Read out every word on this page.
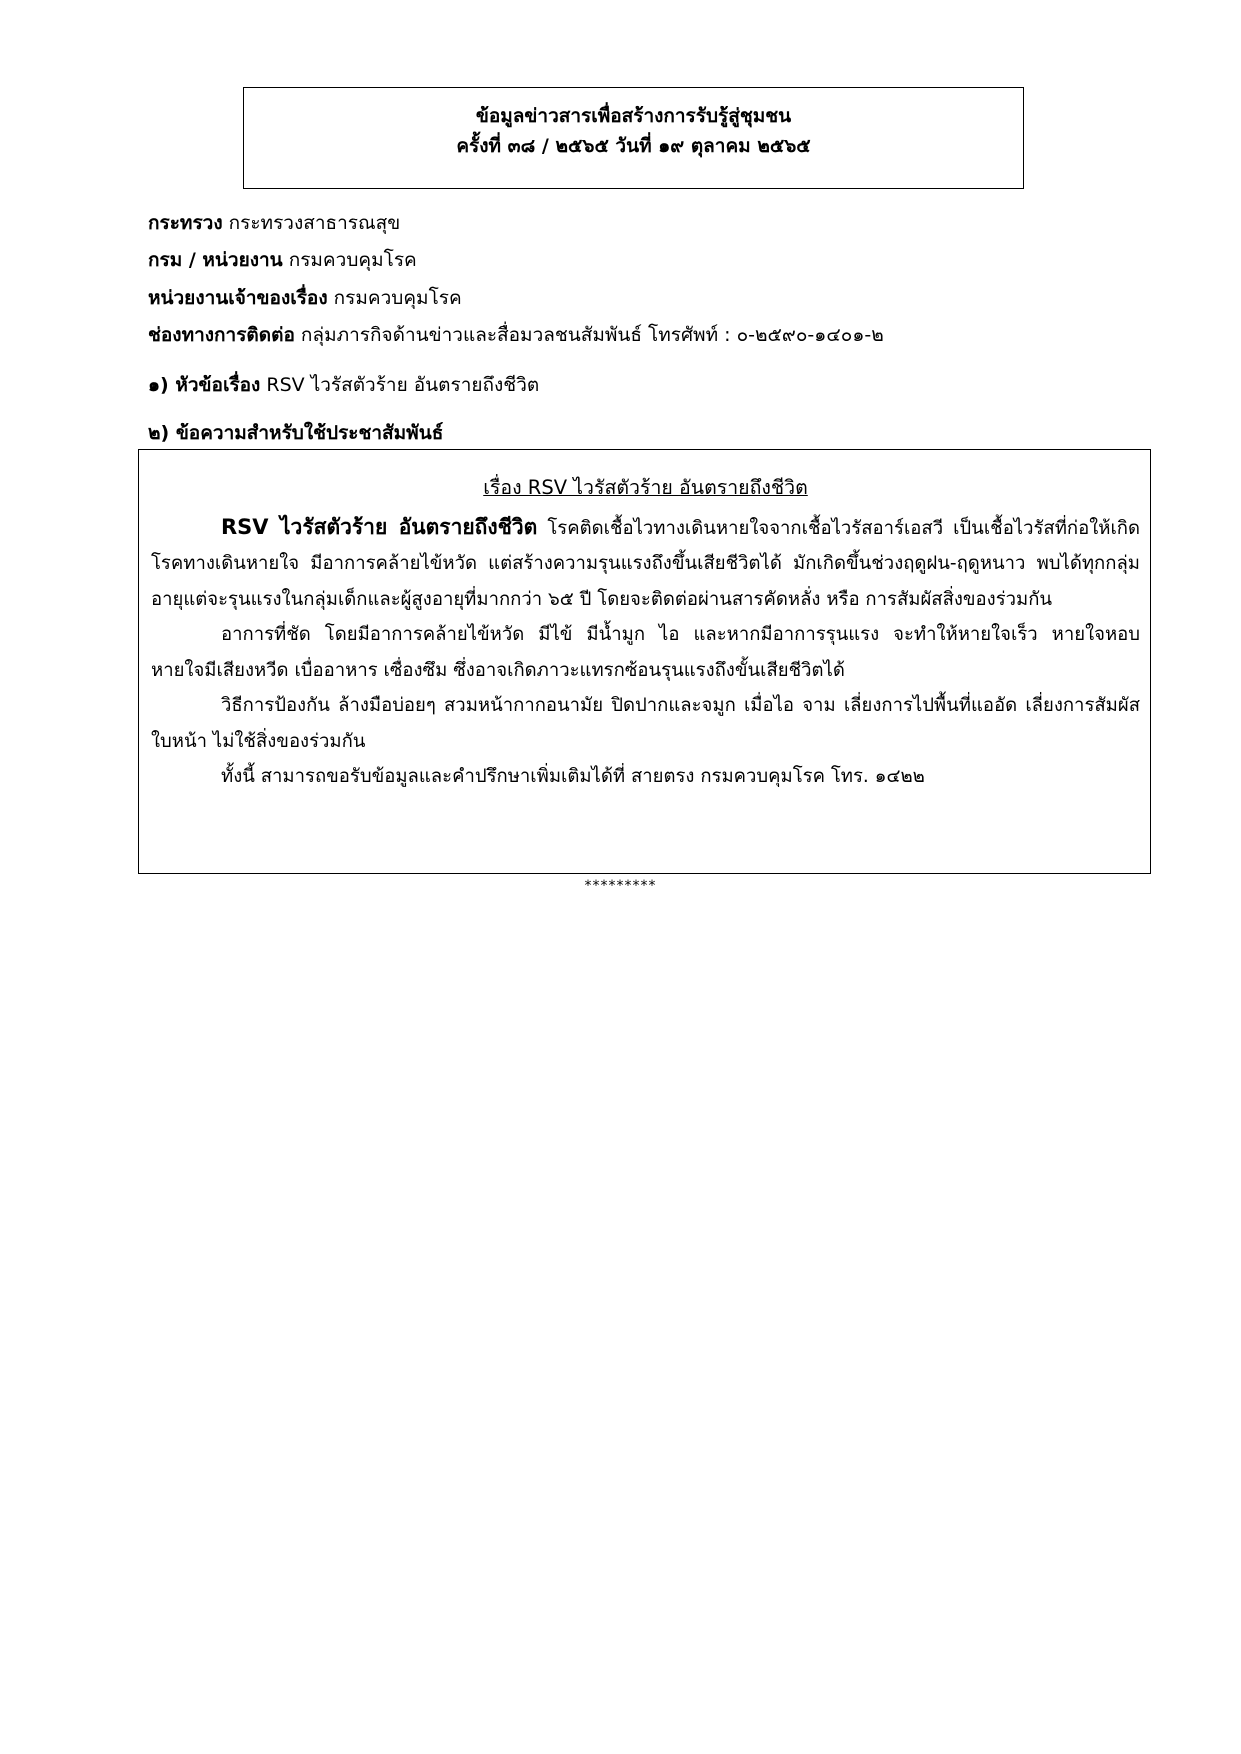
ข้อมูลข่าวสารเพื่อสร้างการรับรู้สู่ชุมชน
ครั้งที่ ๓๘ / ๒๕๖๕ วันที่ ๑๙ ตุลาคม ๒๕๖๕
กระทรวง กระทรวงสาธารณสุข
กรม / หน่วยงาน กรมควบคุมโรค
หน่วยงานเจ้าของเรื่อง กรมควบคุมโรค
ช่องทางการติดต่อ กลุ่มภารกิจด้านข่าวและสื่อมวลชนสัมพันธ์ โทรศัพท์ : ๐-๒๕๙๐-๑๔๐๑-๒
๑) หัวข้อเรื่อง RSV ไวรัสตัวร้าย อันตรายถึงชีวิต
๒) ข้อความสำหรับใช้ประชาสัมพันธ์
เรื่อง RSV ไวรัสตัวร้าย อันตรายถึงชีวิต

RSV ไวรัสตัวร้าย อันตรายถึงชีวิต โรคติดเชื้อไวทางเดินหายใจจากเชื้อไวรัสอาร์เอสวี เป็นเชื้อไวรัสที่ก่อให้เกิดโรคทางเดินหายใจ มีอาการคล้ายไข้หวัด แต่สร้างความรุนแรงถึงขึ้นเสียชีวิตได้ มักเกิดขึ้นช่วงฤดูฝน-ฤดูหนาว พบได้ทุกกลุ่มอายุแต่จะรุนแรงในกลุ่มเด็กและผู้สูงอายุที่มากกว่า ๖๕ ปี โดยจะติดต่อผ่านสารคัดหลั่ง หรือ การสัมผัสสิ่งของร่วมกัน

อาการที่ชัด โดยมีอาการคล้ายไข้หวัด มีไข้ มีน้ำมูก ไอ และหากมีอาการรุนแรง จะทำให้หายใจเร็ว หายใจหอบ หายใจมีเสียงหวีด เบื่ออาหาร เซื่องซึม ซึ่งอาจเกิดภาวะแทรกซ้อนรุนแรงถึงขั้นเสียชีวิตได้

วิธีการป้องกัน ล้างมือบ่อยๆ สวมหน้ากากอนามัย ปิดปากและจมูก เมื่อไอ จาม เลี่ยงการไปพื้นที่แออัด เลี่ยงการสัมผัสใบหน้า ไม่ใช้สิ่งของร่วมกัน

ทั้งนี้ สามารถขอรับข้อมูลและคำปรึกษาเพิ่มเติมได้ที่ สายตรง กรมควบคุมโรค โทร. ๑๔๒๒

*********
